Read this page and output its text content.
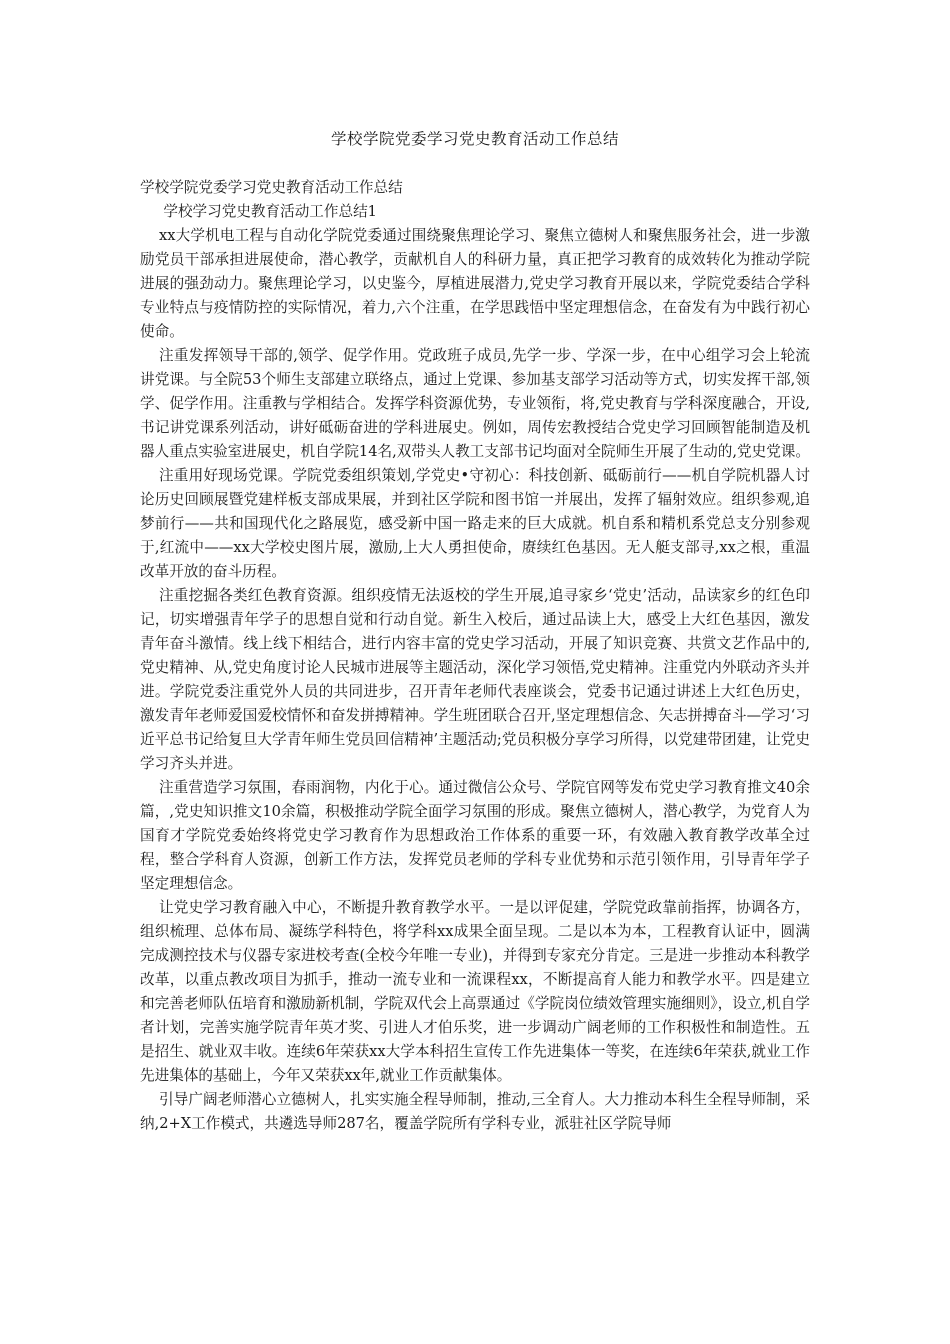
学校学院党委学习党史教育活动工作总结

学校学院党委学习党史教育活动工作总结

学校学习党史教育活动工作总结1

xx大学机电工程与自动化学院党委通过围绕聚焦理论学习、聚焦立德树人和聚焦服务社会，进一步激励党员干部承担进展使命，潜心教学，贡献机自人的科研力量，真正把学习教育的成效转化为推动学院进展的强劲动力。聚焦理论学习，以史鉴今，厚植进展潜力,党史学习教育开展以来，学院党委结合学科专业特点与疫情防控的实际情况，着力,六个注重，在学思践悟中坚定理想信念，在奋发有为中践行初心使命。

注重发挥领导干部的,领学、促学作用。党政班子成员,先学一步、学深一步，在中心组学习会上轮流讲党课。与全院53个师生支部建立联络点，通过上党课、参加基支部学习活动等方式，切实发挥干部,领学、促学作用。注重教与学相结合。发挥学科资源优势，专业领衔，将,党史教育与学科深度融合，开设,书记讲党课系列活动，讲好砥砺奋进的学科进展史。例如，周传宏教授结合党史学习回顾智能制造及机器人重点实验室进展史，机自学院14名,双带头人教工支部书记均面对全院师生开展了生动的,党史党课。

注重用好现场党课。学院党委组织策划,学党史•守初心：科技创新、砥砺前行——机自学院机器人讨论历史回顾展暨党建样板支部成果展，并到社区学院和图书馆一并展出，发挥了辐射效应。组织参观,追梦前行——共和国现代化之路展览，感受新中国一路走来的巨大成就。机自系和精机系党总支分别参观于,红流中——xx大学校史图片展，激励,上大人勇担使命，赓续红色基因。无人艇支部寻,xx之根，重温改革开放的奋斗历程。

注重挖掘各类红色教育资源。组织疫情无法返校的学生开展,追寻家乡‘党史’活动，品读家乡的红色印记，切实增强青年学子的思想自觉和行动自觉。新生入校后，通过品读上大，感受上大红色基因，激发青年奋斗激情。线上线下相结合，进行内容丰富的党史学习活动，开展了知识竞赛、共赏文艺作品中的,党史精神、从,党史角度讨论人民城市进展等主题活动，深化学习领悟,党史精神。注重党内外联动齐头并进。学院党委注重党外人员的共同进步，召开青年老师代表座谈会，党委书记通过讲述上大红色历史，激发青年老师爱国爱校情怀和奋发拼搏精神。学生班团联合召开,坚定理想信念、矢志拼搏奋斗—学习‘习近平总书记给复旦大学青年师生党员回信精神’主题活动;党员积极分享学习所得，以党建带团建，让党史学习齐头并进。

注重营造学习氛围，春雨润物，内化于心。通过微信公众号、学院官网等发布党史学习教育推文40余篇，,党史知识推文10余篇，积极推动学院全面学习氛围的形成。聚焦立德树人，潜心教学，为党育人为国育才学院党委始终将党史学习教育作为思想政治工作体系的重要一环，有效融入教育教学改革全过程，整合学科育人资源，创新工作方法，发挥党员老师的学科专业优势和示范引领作用，引导青年学子坚定理想信念。

让党史学习教育融入中心，不断提升教育教学水平。一是以评促建，学院党政靠前指挥，协调各方，组织梳理、总体布局、凝练学科特色，将学科xx成果全面呈现。二是以本为本，工程教育认证中，圆满完成测控技术与仪器专家进校考查(全校今年唯一专业)，并得到专家充分肯定。三是进一步推动本科教学改革，以重点教改项目为抓手，推动一流专业和一流课程xx，不断提高育人能力和教学水平。四是建立和完善老师队伍培育和激励新机制，学院双代会上高票通过《学院岗位绩效管理实施细则》，设立,机自学者计划，完善实施学院青年英才奖、引进人才伯乐奖，进一步调动广阔老师的工作积极性和制造性。五是招生、就业双丰收。连续6年荣获xx大学本科招生宣传工作先进集体一等奖，在连续6年荣获,就业工作先进集体的基础上，今年又荣获xx年,就业工作贡献集体。

引导广阔老师潜心立德树人，扎实实施全程导师制，推动,三全育人。大力推动本科生全程导师制，采纳,2+X工作模式，共遴选导师287名，覆盖学院所有学科专业，派驻社区学院导师
